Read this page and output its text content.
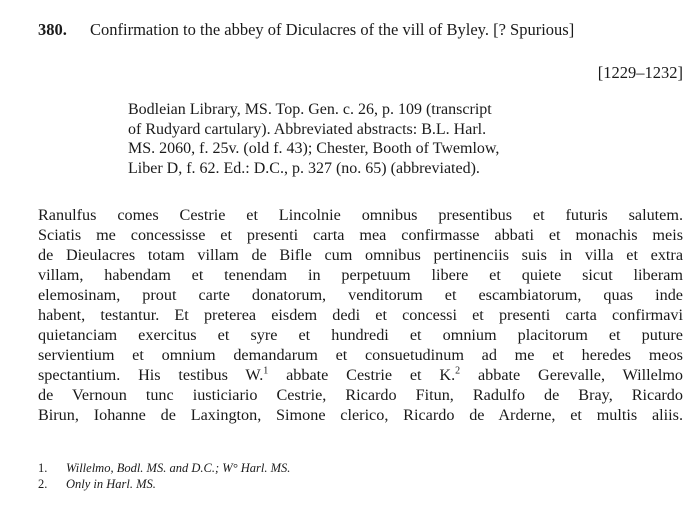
380. Confirmation to the abbey of Diculacres of the vill of Byley. [? Spurious]
[1229–1232]
Bodleian Library, MS. Top. Gen. c. 26, p. 109 (transcript
of Rudyard cartulary). Abbreviated abstracts: B.L. Harl.
MS. 2060, f. 25v. (old f. 43); Chester, Booth of Twemlow,
Liber D, f. 62. Ed.: D.C., p. 327 (no. 65) (abbreviated).
Ranulfus comes Cestrie et Lincolnie omnibus presentibus et futuris salutem.
Sciatis me concessisse et presenti carta mea confirmasse abbati et monachis meis
de Dieulacres totam villam de Bifle cum omnibus pertinenciis suis in villa et extra
villam, habendam et tenendam in perpetuum libere et quiete sicut liberam
elemosinam, prout carte donatorum, venditorum et escambiatorum, quas inde
habent, testantur. Et preterea eisdem dedi et concessi et presenti carta confirmavi
quietanciam exercitus et syre et hundredi et omnium placitorum et puture
servientium et omnium demandarum et consuetudinum ad me et heredes meos
spectantium. His testibus W.$^1$ abbate Cestrie et K.$^2$ abbate Gerevalle, Willelmo
de Vernoun tunc iusticiario Cestrie, Ricardo Fitun, Radulfo de Bray, Ricardo
Birun, Iohanne de Laxington, Simone clerico, Ricardo de Arderne, et multis aliis.
1. Willelmo, Bodl. MS. and D.C.; W° Harl. MS.
2. Only in Harl. MS.
